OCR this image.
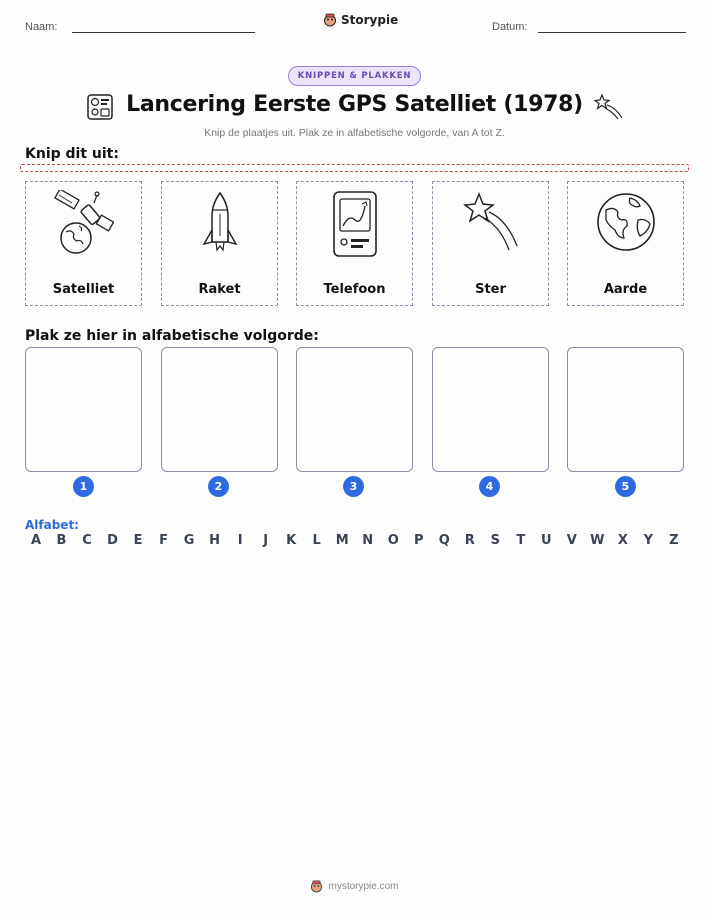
Naam:	Storypie	Datum:
KNIPPEN & PLAKKEN
Lancering Eerste GPS Satelliet (1978)
Knip de plaatjes uit. Plak ze in alfabetische volgorde, van A tot Z.
Knip dit uit:
Satelliet	Raket	Telefoon	Ster	Aarde
Plak ze hier in alfabetische volgorde:
1	2	3	4	5
Alfabet:
A	B	C	D	E	F	G	H	I	J	K	L	M	N	O	P	Q	R	S	T	U	V	W	X	Y	Z
mystorypie.com
